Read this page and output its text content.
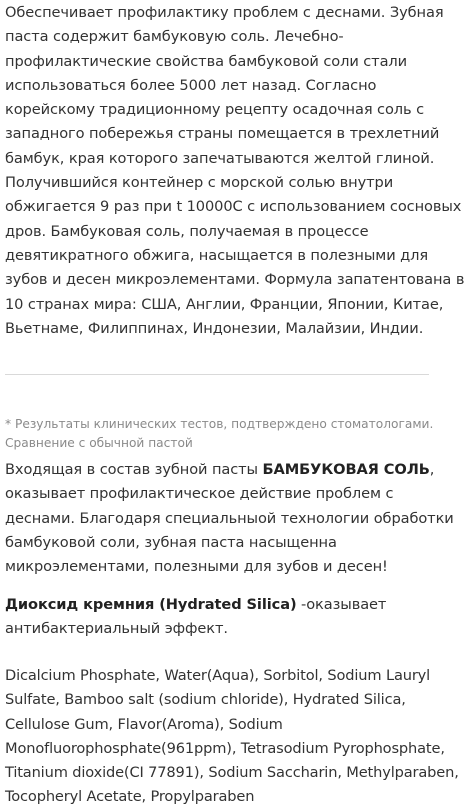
Обеспечивает профилактику проблем с деснами. Зубная паста содержит бамбуковую соль. Лечебно-профилактические свойства бамбуковой соли стали использоваться более 5000 лет назад. Согласно корейскому традиционному рецепту осадочная соль с западного побережья страны помещается в трехлетний бамбук, края которого запечатываются желтой глиной. Получившийся контейнер с морской солью внутри обжигается 9 раз при t 10000С с использованием сосновых дров. Бамбуковая соль, получаемая в процессе девятикратного обжига, насыщается в полезными для зубов и десен микроэлементами. Формула запатентована в 10 странах мира: США, Англии, Франции, Японии, Китае, Вьетнаме, Филиппинах, Индонезии, Малайзии, Индии.

* Результаты клинических тестов, подтверждено стоматологами. Сравнение с обычной пастой

Входящая в состав зубной пасты БАМБУКОВАЯ СОЛЬ, оказывает профилактическое действие проблем с деснами. Благодаря специальныой технологии обработки бамбуковой соли, зубная паста насыщенна микроэлементами, полезными для зубов и десен!

Диоксид кремния (Hydrated Silica) -оказывает антибактериальный эффект.

Dicalcium Phosphate, Water(Aqua), Sorbitol, Sodium Lauryl Sulfate, Bamboo salt (sodium chloride), Hydrated Silica, Cellulose Gum, Flavor(Aroma), Sodium Monofluorophosphate(961ppm), Tetrasodium Pyrophosphate, Titanium dioxide(CI 77891), Sodium Saccharin, Methylparaben, Tocopheryl Acetate, Propylparaben
